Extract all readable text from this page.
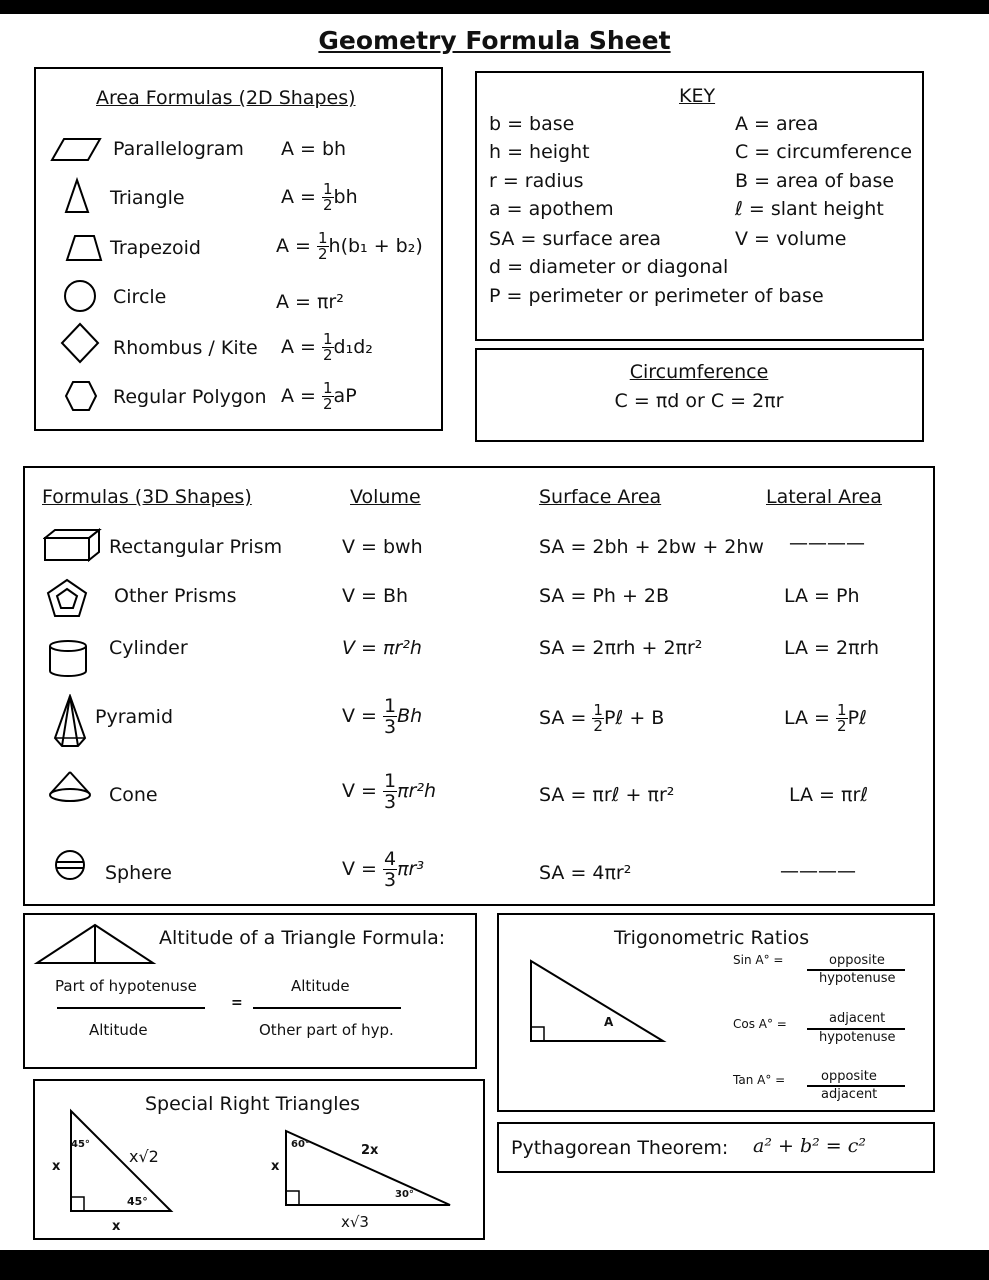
Geometry Formula Sheet
Area Formulas (2D Shapes)
Parallelogram A = bh
Triangle	$A = \frac{1}{2}$ bh
Trapezoid	$A = \frac{1}{2} h(b_1 + b_2)$
Circle	A = πr²
Rhombus / Kite $A = \frac{1}{2} d_1d_2$
Regular Polygon $A = \frac{1}{2}$ aP
KEY
b = base
h = height
r = radius
a = apothem
SA = surface area
d = diameter or diagonal
P = perimeter or perimeter of base
A = area
C = circumference
B = area of base
ℓ = slant height
V = volume
Circumference
C = πd or C = 2πr
Formulas (3D Shapes)	Volume	Surface Area	Lateral Area
Rectangular Prism	V = bwh	SA = 2bh + 2bw + 2hw ————
Other Prisms	V = Bh	SA = Ph + 2B	LA = Ph
Cylinder	V = πr²h	SA = 2πrh + 2πr²	LA = 2πrh
Pyramid	$V = \frac{1}{3}$ Bh	SA = $\frac{1}{2}$ Pℓ + B	LA = $\frac{1}{2}$ Pℓ
Cone	$V = \frac{1}{3} \pi r^2h$	SA = πrℓ + πr²	LA = πrℓ
Sphere	$V = \frac{4}{3} \pi r^3$	SA = 4πr²	————
Altitude of a Triangle Formula:
Part of hypotenuse
Altitude
=
Altitude
Other part of hyp.
Trigonometric Ratios
A
Sin A° =	opposite
hypotenuse
Cos A° =	adjacent
hypotenuse
Tan A° =	opposite
adjacent
Special Right Triangles
45°
45°
x
x
x√2
60°
30°
x
x√3
2x	Pythagorean Theorem: a² + b² = c²
